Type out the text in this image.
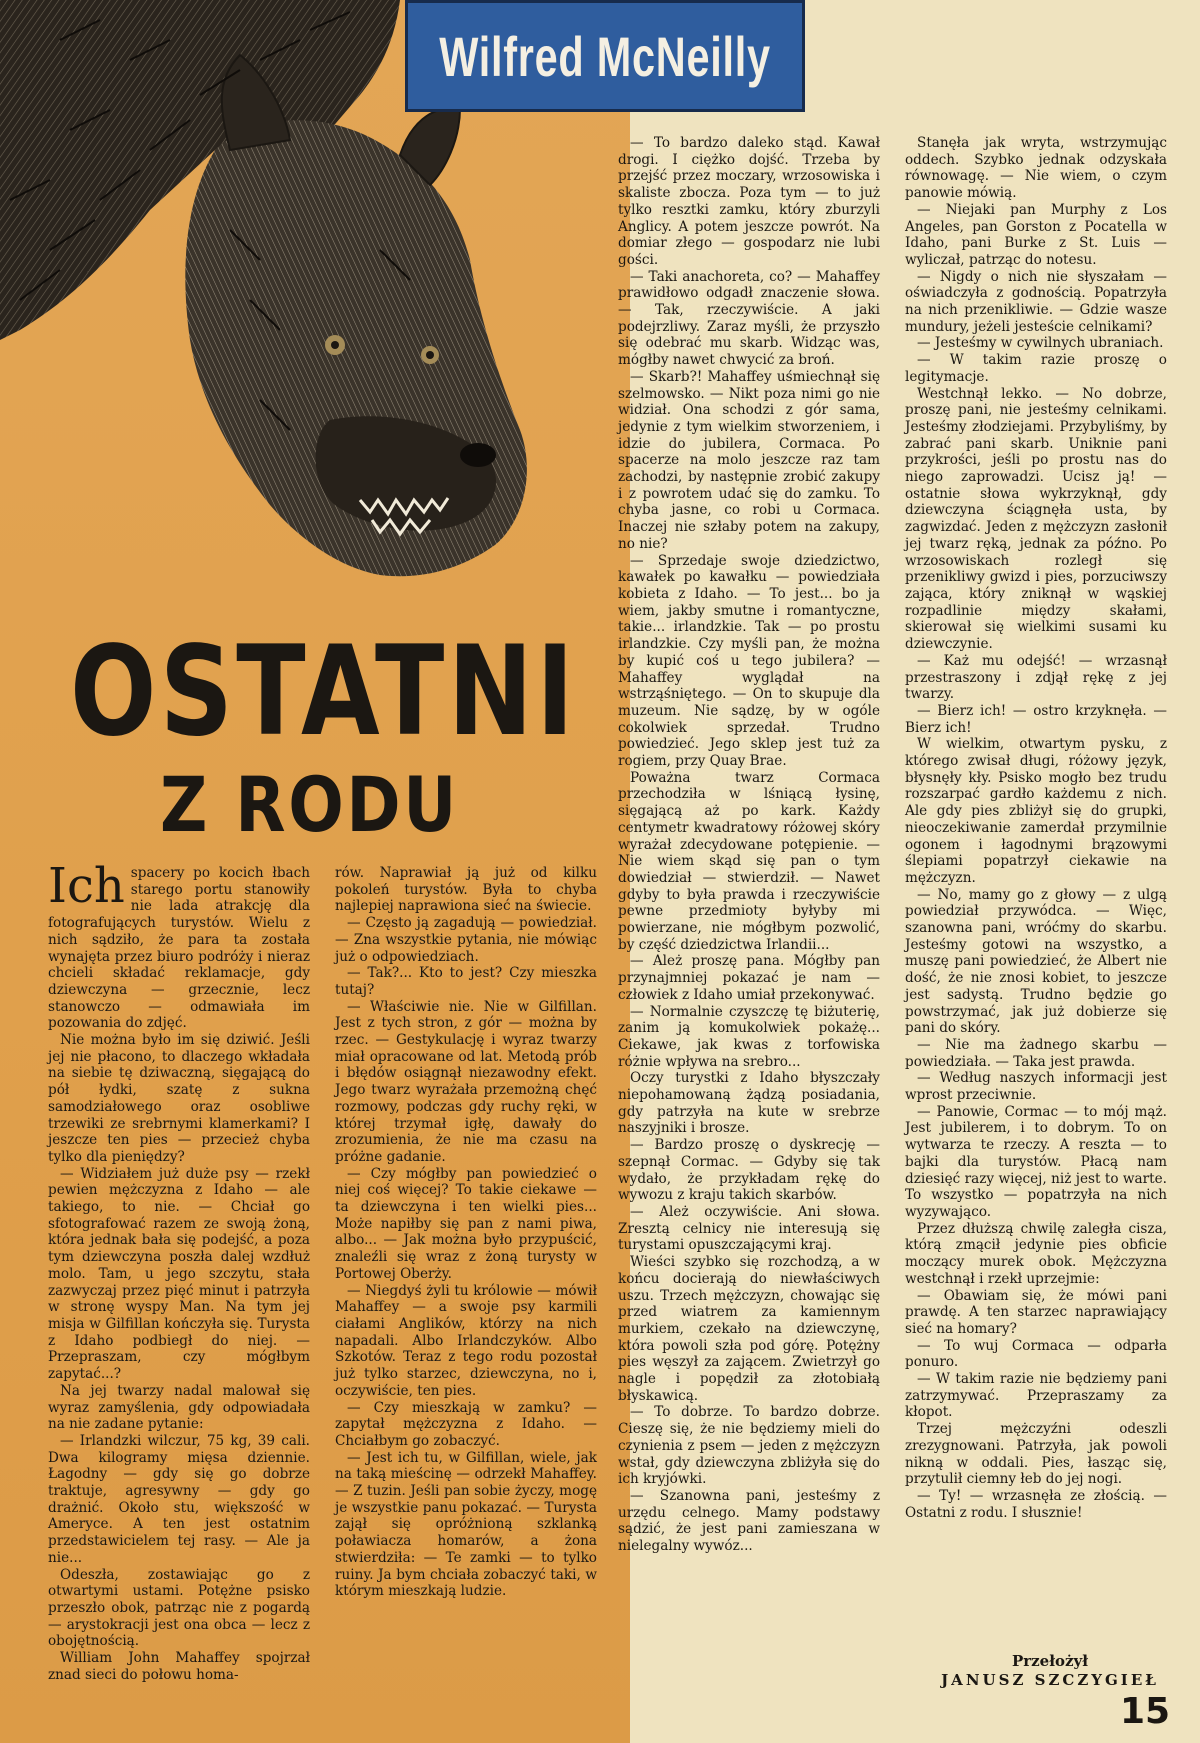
Wilfred McNeilly
OSTATNI
Z RODU

Ich spacery po kocich łbach starego portu stanowiły nie lada atrakcję dla fotografujących turystów. Wielu z nich sądziło, że para ta została wynajęta przez biuro podróży i nieraz chcieli składać reklamacje, gdy dziewczyna — grzecznie, lecz stanowczo — odmawiała im pozowania do zdjęć.

Nie można było im się dziwić. Jeśli jej nie płacono, to dlaczego wkładała na siebie tę dziwaczną, sięgającą do pół łydki, szatę z sukna samodziałowego oraz osobliwe trzewiki ze srebrnymi klamerkami? I jeszcze ten pies — przecież chyba tylko dla pieniędzy?

— Widziałem już duże psy — rzekł pewien mężczyzna z Idaho — ale takiego, to nie. — Chciał go sfotografować razem ze swoją żoną, która jednak bała się podejść, a poza tym dziewczyna poszła dalej wzdłuż molo. Tam, u jego szczytu, stała zazwyczaj przez pięć minut i patrzyła w stronę wyspy Man. Na tym jej misja w Gilfillan kończyła się. Turysta z Idaho podbiegł do niej. — Przepraszam, czy mógłbym zapytać...?

Na jej twarzy nadal malował się wyraz zamyślenia, gdy odpowiadała na nie zadane pytanie:

— Irlandzki wilczur, 75 kg, 39 cali. Dwa kilogramy mięsa dziennie. Łagodny — gdy się go dobrze traktuje, agresywny — gdy go drażnić. Około stu, większość w Ameryce. A ten jest ostatnim przedstawicielem tej rasy. — Ale ja nie...

Odeszła, zostawiając go z otwartymi ustami. Potężne psisko przeszło obok, patrząc nie z pogardą — arystokracji jest ona obca — lecz z obojętnością.

William John Mahaffey spojrzał znad sieci do połowu homa-

rów. Naprawiał ją już od kilku pokoleń turystów. Była to chyba najlepiej naprawiona sieć na świecie.

— Często ją zagadują — powiedział. — Zna wszystkie pytania, nie mówiąc już o odpowiedziach.

— Tak?... Kto to jest? Czy mieszka tutaj?

— Właściwie nie. Nie w Gilfillan. Jest z tych stron, z gór — można by rzec. — Gestykulację i wyraz twarzy miał opracowane od lat. Metodą prób i błędów osiągnął niezawodny efekt. Jego twarz wyrażała przemożną chęć rozmowy, podczas gdy ruchy ręki, w której trzymał igłę, dawały do zrozumienia, że nie ma czasu na próżne gadanie.

— Czy mógłby pan powiedzieć o niej coś więcej? To takie ciekawe — ta dziewczyna i ten wielki pies... Może napiłby się pan z nami piwa, albo... — Jak można było przypuścić, znaleźli się wraz z żoną turysty w Portowej Oberży.

— Niegdyś żyli tu królowie — mówił Mahaffey — a swoje psy karmili ciałami Anglików, którzy na nich napadali. Albo Irlandczyków. Albo Szkotów. Teraz z tego rodu pozostał już tylko starzec, dziewczyna, no i, oczywiście, ten pies.

— Czy mieszkają w zamku? — zapytał mężczyzna z Idaho. — Chciałbym go zobaczyć.

— Jest ich tu, w Gilfillan, wiele, jak na taką mieścinę — odrzekł Mahaffey. — Z tuzin. Jeśli pan sobie życzy, mogę je wszystkie panu pokazać. — Turysta zajął się opróżnioną szklanką poławiacza homarów, a żona stwierdziła: — Te zamki — to tylko ruiny. Ja bym chciała zobaczyć taki, w którym mieszkają ludzie.

— To bardzo daleko stąd. Kawał drogi. I ciężko dojść. Trzeba by przejść przez moczary, wrzosowiska i skaliste zbocza. Poza tym — to już tylko resztki zamku, który zburzyli Anglicy. A potem jeszcze powrót. Na domiar złego — gospodarz nie lubi gości.

— Taki anachoreta, co? — Mahaffey prawidłowo odgadł znaczenie słowa. — Tak, rzeczywiście. A jaki podejrzliwy. Zaraz myśli, że przyszło się odebrać mu skarb. Widząc was, mógłby nawet chwycić za broń.

— Skarb?! Mahaffey uśmiechnął się szelmowsko. — Nikt poza nimi go nie widział. Ona schodzi z gór sama, jedynie z tym wielkim stworzeniem, i idzie do jubilera, Cormaca. Po spacerze na molo jeszcze raz tam zachodzi, by następnie zrobić zakupy i z powrotem udać się do zamku. To chyba jasne, co robi u Cormaca. Inaczej nie szłaby potem na zakupy, no nie?

— Sprzedaje swoje dziedzictwo, kawałek po kawałku — powiedziała kobieta z Idaho. — To jest... bo ja wiem, jakby smutne i romantyczne, takie... irlandzkie. Tak — po prostu irlandzkie. Czy myśli pan, że można by kupić coś u tego jubilera? — Mahaffey wyglądał na wstrząśniętego. — On to skupuje dla muzeum. Nie sądzę, by w ogóle cokolwiek sprzedał. Trudno powiedzieć. Jego sklep jest tuż za rogiem, przy Quay Brae.

Poważna twarz Cormaca przechodziła w lśniącą łysinę, sięgającą aż po kark. Każdy centymetr kwadratowy różowej skóry wyrażał zdecydowane potępienie. — Nie wiem skąd się pan o tym dowiedział — stwierdził. — Nawet gdyby to była prawda i rzeczywiście pewne przedmioty byłyby mi powierzane, nie mógłbym pozwolić, by część dziedzictwa Irlandii...

— Ależ proszę pana. Mógłby pan przynajmniej pokazać je nam — człowiek z Idaho umiał przekonywać.

— Normalnie czyszczę tę biżuterię, zanim ją komukolwiek pokażę... Ciekawe, jak kwas z torfowiska różnie wpływa na srebro...

Oczy turystki z Idaho błyszczały niepohamowaną żądzą posiadania, gdy patrzyła na kute w srebrze naszyjniki i brosze.

— Bardzo proszę o dyskrecję — szepnął Cormac. — Gdyby się tak wydało, że przykładam rękę do wywozu z kraju takich skarbów.

— Ależ oczywiście. Ani słowa. Zresztą celnicy nie interesują się turystami opuszczającymi kraj.

Wieści szybko się rozchodzą, a w końcu docierają do niewłaściwych uszu. Trzech mężczyzn, chowając się przed wiatrem za kamiennym murkiem, czekało na dziewczynę, która powoli szła pod górę. Potężny pies węszył za zającem. Zwietrzył go nagle i popędził za złotobiałą błyskawicą.

— To dobrze. To bardzo dobrze. Cieszę się, że nie będziemy mieli do czynienia z psem — jeden z mężczyzn wstał, gdy dziewczyna zbliżyła się do ich kryjówki.

— Szanowna pani, jesteśmy z urzędu celnego. Mamy podstawy sądzić, że jest pani zamieszana w nielegalny wywóz...

Stanęła jak wryta, wstrzymując oddech. Szybko jednak odzyskała równowagę. — Nie wiem, o czym panowie mówią.

— Niejaki pan Murphy z Los Angeles, pan Gorston z Pocatella w Idaho, pani Burke z St. Luis — wyliczał, patrząc do notesu.

— Nigdy o nich nie słyszałam — oświadczyła z godnością. Popatrzyła na nich przenikliwie. — Gdzie wasze mundury, jeżeli jesteście celnikami?

— Jesteśmy w cywilnych ubraniach.

— W takim razie proszę o legitymacje.

Westchnął lekko. — No dobrze, proszę pani, nie jesteśmy celnikami. Jesteśmy złodziejami. Przybyliśmy, by zabrać pani skarb. Uniknie pani przykrości, jeśli po prostu nas do niego zaprowadzi. Ucisz ją! — ostatnie słowa wykrzyknął, gdy dziewczyna ściągnęła usta, by zagwizdać. Jeden z mężczyzn zasłonił jej twarz ręką, jednak za późno. Po wrzosowiskach rozległ się przenikliwy gwizd i pies, porzuciwszy zająca, który zniknął w wąskiej rozpadlinie między skałami, skierował się wielkimi susami ku dziewczynie.

— Każ mu odejść! — wrzasnął przestraszony i zdjął rękę z jej twarzy.

— Bierz ich! — ostro krzyknęła. — Bierz ich!

W wielkim, otwartym pysku, z którego zwisał długi, różowy język, błysnęły kły. Psisko mogło bez trudu rozszarpać gardło każdemu z nich. Ale gdy pies zbliżył się do grupki, nieoczekiwanie zamerdał przymilnie ogonem i łagodnymi brązowymi ślepiami popatrzył ciekawie na mężczyzn.

— No, mamy go z głowy — z ulgą powiedział przywódca. — Więc, szanowna pani, wróćmy do skarbu. Jesteśmy gotowi na wszystko, a muszę pani powiedzieć, że Albert nie dość, że nie znosi kobiet, to jeszcze jest sadystą. Trudno będzie go powstrzymać, jak już dobierze się pani do skóry.

— Nie ma żadnego skarbu — powiedziała. — Taka jest prawda.

— Według naszych informacji jest wprost przeciwnie.

— Panowie, Cormac — to mój mąż. Jest jubilerem, i to dobrym. To on wytwarza te rzeczy. A reszta — to bajki dla turystów. Płacą nam dziesięć razy więcej, niż jest to warte. To wszystko — popatrzyła na nich wyzywająco.

Przez dłuższą chwilę zaległa cisza, którą zmącił jedynie pies obficie moczący murek obok. Mężczyzna westchnął i rzekł uprzejmie:

— Obawiam się, że mówi pani prawdę. A ten starzec naprawiający sieć na homary?

— To wuj Cormaca — odparła ponuro.

— W takim razie nie będziemy pani zatrzymywać. Przepraszamy za kłopot.

Trzej mężczyźni odeszli zrezygnowani. Patrzyła, jak powoli nikną w oddali. Pies, łasząc się, przytulił ciemny łeb do jej nogi.

— Ty! — wrzasnęła ze złością. — Ostatni z rodu. I słusznie!

Przełożył
JANUSZ SZCZYGIEŁ
15
